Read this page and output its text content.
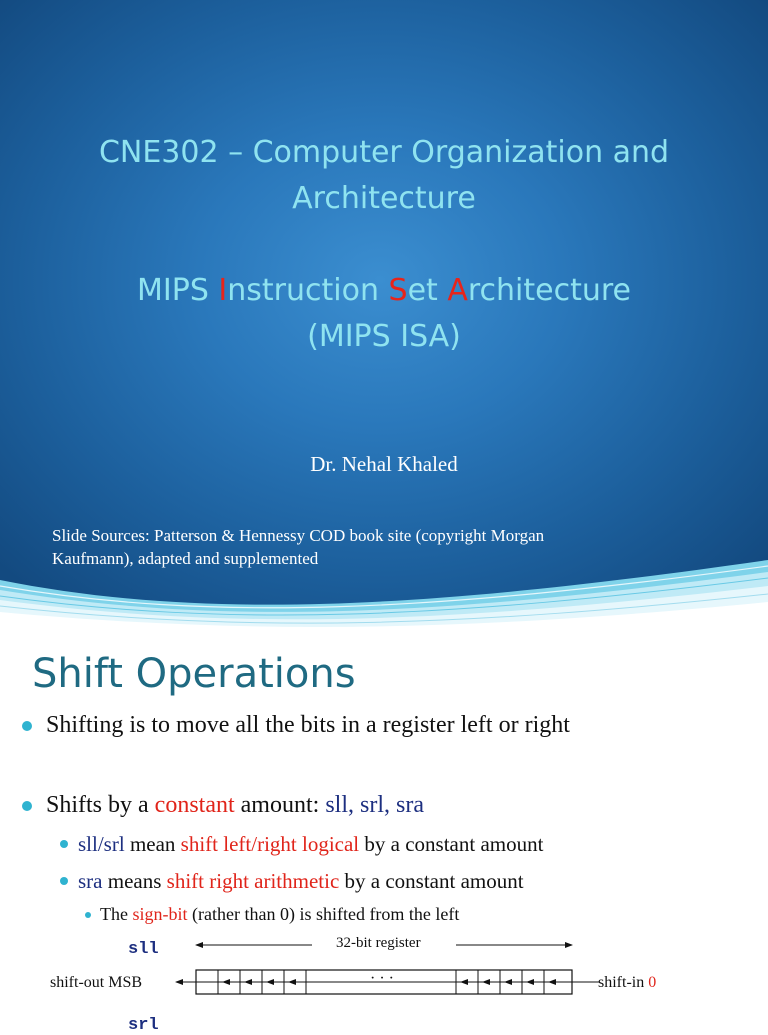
CNE302 – Computer Organization and
Architecture
MIPS Instruction Set Architecture
(MIPS ISA)
Dr. Nehal Khaled
Slide Sources: Patterson & Hennessy COD book site (copyright Morgan
Kaufmann), adapted and supplemented
Shift Operations
Shifting is to move all the bits in a register left or right
Shifts by a constant amount: sll, srl, sra
sll/srl mean shift left/right logical by a constant amount
sra means shift right arithmetic by a constant amount
The sign-bit (rather than 0) is shifted from the left
sll	32-bit register
shift-out MSB	shift-in 0
· · ·
srl
